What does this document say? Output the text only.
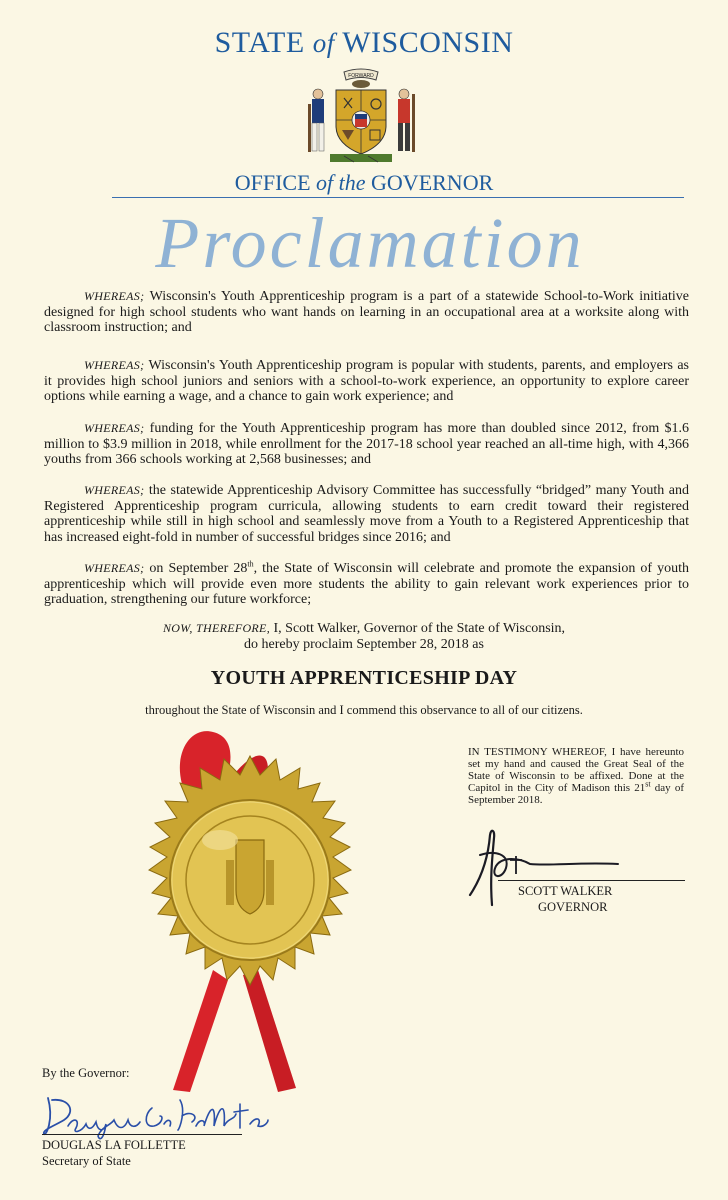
STATE of WISCONSIN
FORWARD
OFFICE of the GOVERNOR
Proclamation

WHEREAS; Wisconsin's Youth Apprenticeship program is a part of a statewide School-to-Work initiative designed for high school students who want hands on learning in an occupational area at a worksite along with classroom instruction; and

WHEREAS; Wisconsin's Youth Apprenticeship program is popular with students, parents, and employers as it provides high school juniors and seniors with a school-to-work experience, an opportunity to explore career options while earning a wage, and a chance to gain work experience; and

WHEREAS; funding for the Youth Apprenticeship program has more than doubled since 2012, from $1.6 million to $3.9 million in 2018, while enrollment for the 2017-18 school year reached an all-time high, with 4,366 youths from 366 schools working at 2,568 businesses; and

WHEREAS; the statewide Apprenticeship Advisory Committee has successfully “bridged” many Youth and Registered Apprenticeship program curricula, allowing students to earn credit toward their registered apprenticeship while still in high school and seamlessly move from a Youth to a Registered Apprenticeship that has increased eight-fold in number of successful bridges since 2016; and

WHEREAS; on September 28th, the State of Wisconsin will celebrate and promote the expansion of youth apprenticeship which will provide even more students the ability to gain relevant work experiences prior to graduation, strengthening our future workforce;

NOW, THEREFORE, I, Scott Walker, Governor of the State of Wisconsin,
do hereby proclaim September 28, 2018 as
YOUTH APPRENTICESHIP DAY
throughout the State of Wisconsin and I commend this observance to all of our citizens.
IN TESTIMONY WHEREOF, I have hereunto set my hand and caused the Great Seal of the State of Wisconsin to be affixed. Done at the Capitol in the City of Madison this 21st day of September 2018.
SCOTT WALKER
GOVERNOR
By the Governor:
DOUGLAS LA FOLLETTE
Secretary of State
